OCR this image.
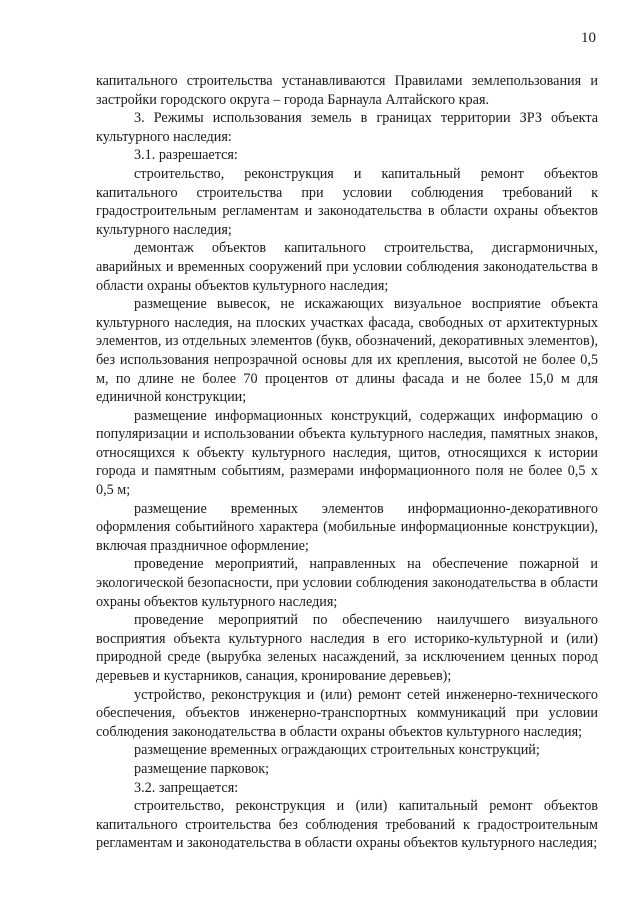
10

капитального строительства устанавливаются Правилами землепользования и застройки городского округа – города Барнаула Алтайского края.

3. Режимы использования земель в границах территории ЗРЗ объекта культурного наследия:

3.1. разрешается:

строительство, реконструкция и капитальный ремонт объектов капитального строительства при условии соблюдения требований к градостроительным регламентам и законодательства в области охраны объектов культурного наследия;

демонтаж объектов капитального строительства, дисгармоничных, аварийных и временных сооружений при условии соблюдения законодательства в области охраны объектов культурного наследия;

размещение вывесок, не искажающих визуальное восприятие объекта культурного наследия, на плоских участках фасада, свободных от архитектурных элементов, из отдельных элементов (букв, обозначений, декоративных элементов), без использования непрозрачной основы для их крепления, высотой не более 0,5 м, по длине не более 70 процентов от длины фасада и не более 15,0 м для единичной конструкции;

размещение информационных конструкций, содержащих информацию о популяризации и использовании объекта культурного наследия, памятных знаков, относящихся к объекту культурного наследия, щитов, относящихся к истории города и памятным событиям, размерами информационного поля не более 0,5 х 0,5 м;

размещение временных элементов информационно-декоративного оформления событийного характера (мобильные информационные конструкции), включая праздничное оформление;

проведение мероприятий, направленных на обеспечение пожарной и экологической безопасности, при условии соблюдения законодательства в области охраны объектов культурного наследия;

проведение мероприятий по обеспечению наилучшего визуального восприятия объекта культурного наследия в его историко-культурной и (или) природной среде (вырубка зеленых насаждений, за исключением ценных пород деревьев и кустарников, санация, кронирование деревьев);

устройство, реконструкция и (или) ремонт сетей инженерно-технического обеспечения, объектов инженерно-транспортных коммуникаций при условии соблюдения законодательства в области охраны объектов культурного наследия;

размещение временных ограждающих строительных конструкций;

размещение парковок;

3.2. запрещается:

строительство, реконструкция и (или) капитальный ремонт объектов капитального строительства без соблюдения требований к градостроительным регламентам и законодательства в области охраны объектов культурного наследия;
